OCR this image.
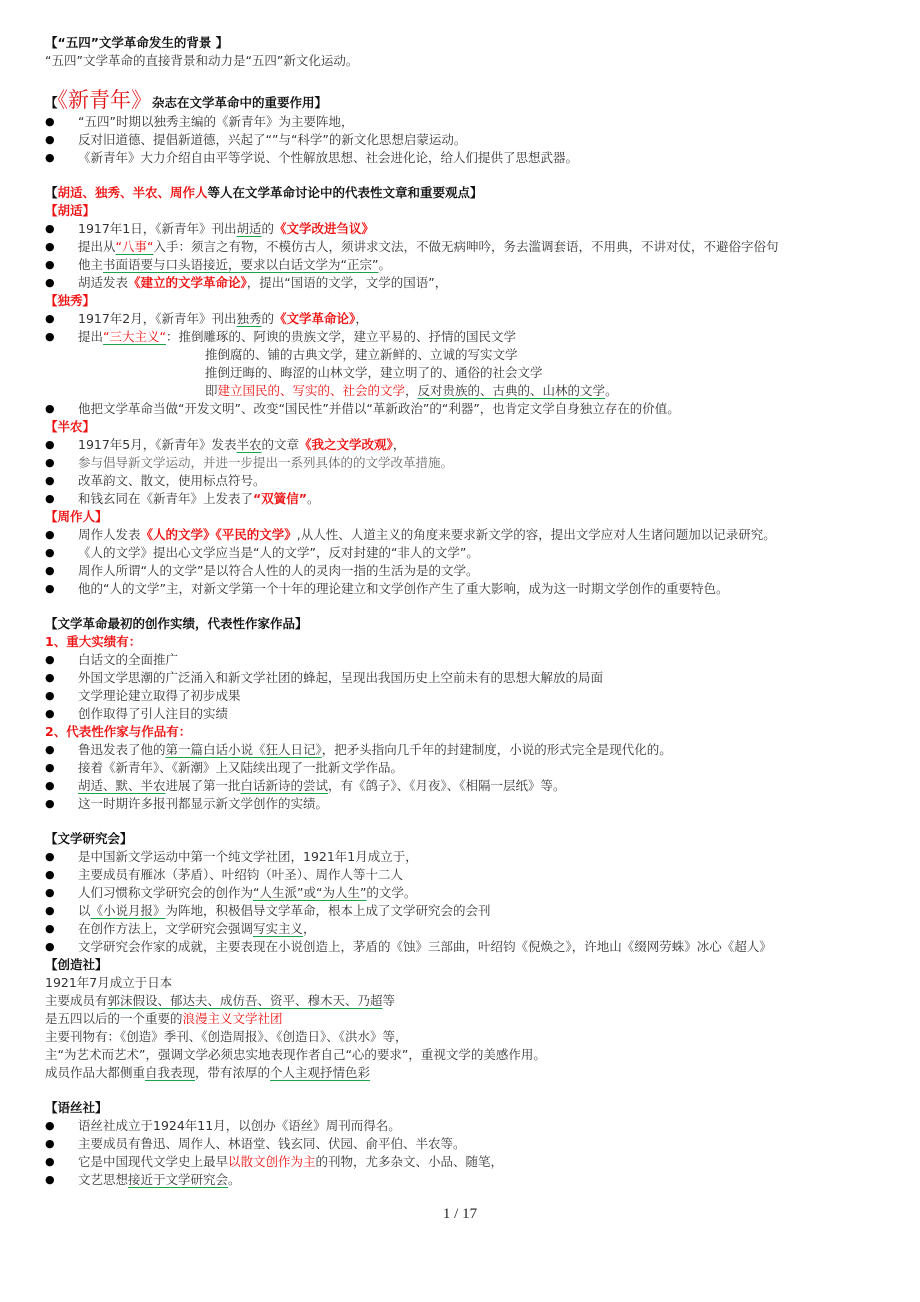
【“五四”文学革命发生的背景 】
“五四”文学革命的直接背景和动力是“五四”新文化运动。
【《新青年》杂志在文学革命中的重要作用】
● “五四”时期以独秀主编的《新青年》为主要阵地，
● 反对旧道德、提倡新道德，兴起了“”与“科学”的新文化思想启蒙运动。
● 《新青年》大力介绍自由平等学说、个性解放思想、社会进化论，给人们提供了思想武器。
【胡适、独秀、半农、周作人等人在文学革命讨论中的代表性文章和重要观点】
【胡适】
● 1917年1日，《新青年》刊出胡适的《文学改进刍议》
● 提出从“八事“入手：须言之有物，不模仿古人，须讲求文法，不做无病呻吟，务去滥调套语，不用典，不讲对仗，不避俗字俗句
● 他主书面语要与口头语接近，要求以白话文学为“正宗”。
● 胡适发表《建立的文学革命论》，提出“国语的文学，文学的国语”，
【独秀】
● 1917年2月，《新青年》刊出独秀的《文学革命论》，
● 提出“三大主义“：推倒雕琢的、阿谀的贵族文学，建立平易的、抒情的国民文学
推倒腐的、铺的古典文学，建立新鲜的、立诚的写实文学
推倒迂晦的、晦涩的山林文学，建立明了的、通俗的社会文学
即建立国民的、写实的、社会的文学，反对贵族的、古典的、山林的文学。
● 他把文学革命当做“开发文明”、改变“国民性”并借以“革新政治”的“利器”，也肯定文学自身独立存在的价值。
【半农】
● 1917年5月，《新青年》发表半农的文章《我之文学改观》，
● 参与倡导新文学运动，并进一步提出一系列具体的的文学改革措施。
● 改革韵文、散文，使用标点符号。
● 和钱玄同在《新青年》上发表了“双簧信”。
【周作人】
● 周作人发表《人的文学》《平民的文学》,从人性、人道主义的角度来要求新文学的容，提出文学应对人生诸问题加以记录研究。
● 《人的文学》提出心文学应当是“人的文学”，反对封建的“非人的文学”。
● 周作人所谓“人的文学”是以符合人性的人的灵肉一指的生活为是的文学。
● 他的“人的文学”主，对新文学第一个十年的理论建立和文学创作产生了重大影响，成为这一时期文学创作的重要特色。
【文学革命最初的创作实绩，代表性作家作品】
1、重大实绩有：
● 白话文的全面推广
● 外国文学思潮的广泛涌入和新文学社团的蜂起，呈现出我国历史上空前未有的思想大解放的局面
● 文学理论建立取得了初步成果
● 创作取得了引人注目的实绩
2、代表性作家与作品有：
● 鲁迅发表了他的第一篇白话小说《狂人日记》，把矛头指向几千年的封建制度，小说的形式完全是现代化的。
● 接着《新青年》、《新潮》上又陆续出现了一批新文学作品。
● 胡适、默、半农进展了第一批白话新诗的尝试，有《鸽子》、《月夜》、《相隔一层纸》等。
● 这一时期许多报刊都显示新文学创作的实绩。
【文学研究会】
● 是中国新文学运动中第一个纯文学社团，1921年1月成立于，
● 主要成员有雁冰（茅盾）、叶绍钧（叶圣）、周作人等十二人
● 人们习惯称文学研究会的创作为“人生派”或“为人生”的文学。
● 以《小说月报》为阵地，积极倡导文学革命，根本上成了文学研究会的会刊
● 在创作方法上，文学研究会强调写实主义，
● 文学研究会作家的成就，主要表现在小说创造上，茅盾的《蚀》三部曲，叶绍钧《倪焕之》，许地山《缀网劳蛛》冰心《超人》
【创造社】
1921年7月成立于日本
主要成员有郭沫假设、郁达夫、成仿吾、资平、穆木天、乃超等
是五四以后的一个重要的浪漫主义文学社团
主要刊物有：《创造》季刊、《创造周报》、《创造日》、《洪水》等，
主“为艺术而艺术”，强调文学必须忠实地表现作者自己“心的要求”，重视文学的美感作用。
成员作品大都侧重自我表现，带有浓厚的个人主观抒情色彩
【语丝社】
● 语丝社成立于1924年11月，以创办《语丝》周刊而得名。
● 主要成员有鲁迅、周作人、林语堂、钱玄同、伏园、俞平伯、半农等。
● 它是中国现代文学史上最早以散文创作为主的刊物，尤多杂文、小品、随笔，
● 文艺思想接近于文学研究会。
1 / 17
